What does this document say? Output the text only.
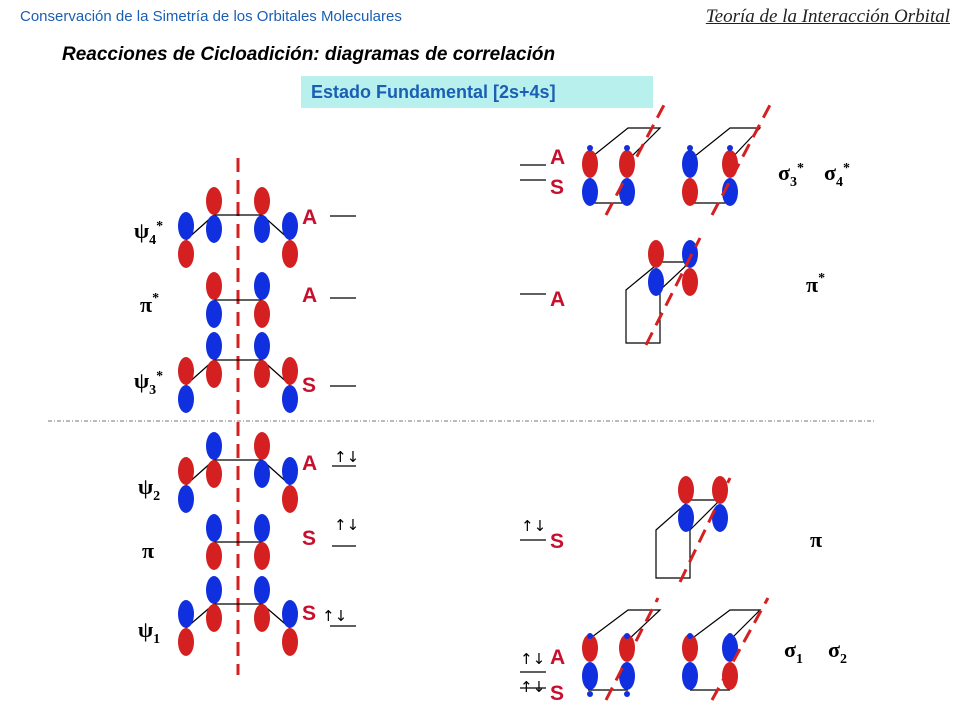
Conservación de la Simetría de los Orbitales Moleculares	Teoría de la Interacción Orbital
Reacciones de Cicloadición: diagramas de correlación
Estado Fundamental [2s+4s]
$\psi_4^*$
π*
$\psi_3^*$
$\psi_2$
π
$\psi_1$
A
A
S
A
S
S
↑↓
↑↓
↑↓
A
S
$\sigma_3^*$ $\sigma_4^*$
A
π*
S
↑↓
π
A
S
↑↓
↑↓
$\sigma_1$ $\sigma_2$
